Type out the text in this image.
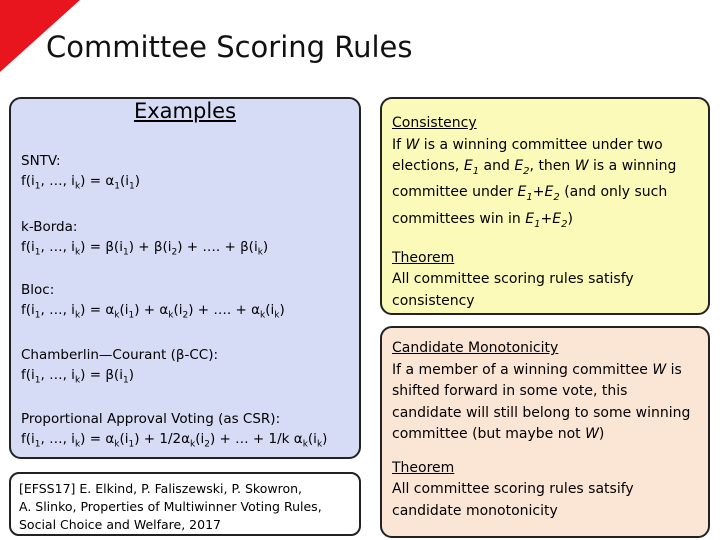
Committee Scoring Rules
Examples
SNTV:
$f(i_1$, …, $i_k) = \alpha_1(i_1)$
k-Borda:
$f(i_1$, …, $i_k) = \beta(i_1) + \beta(i_2)$ + …. + $\beta(i_k)$
Bloc:
$f(i_1$, …, $i_k) = \alpha_k(i_1) + \alpha_k(i_2)$ + …. + $\alpha_k(i_k)$
Chamberlin—Courant (β-CC):
$f(i_1$, …, $i_k) = \beta(i_1)$
Proportional Approval Voting (as CSR):
$f(i_1$, …, $i_k) = \alpha_k(i_1) + 1/2\alpha_k(i_2)$ + … + 1/k $\alpha_k(i_k)$
[EFSS17] E. Elkind, P. Faliszewski, P. Skowron,
A. Slinko, Properties of Multiwinner Voting Rules,
Social Choice and Welfare, 2017
Consistency

If W is a winning committee under two elections, $E_1$ and $E_2$, then W is a winning committee under $E_1+E_2$ (and only such committees win in $E_1+E_2$)

Theorem

All committee scoring rules satisfy consistency

Candidate Monotonicity

If a member of a winning committee W is shifted forward in some vote, this candidate will still belong to some winning committee (but maybe not W)

Theorem

All committee scoring rules satsify candidate monotonicity
